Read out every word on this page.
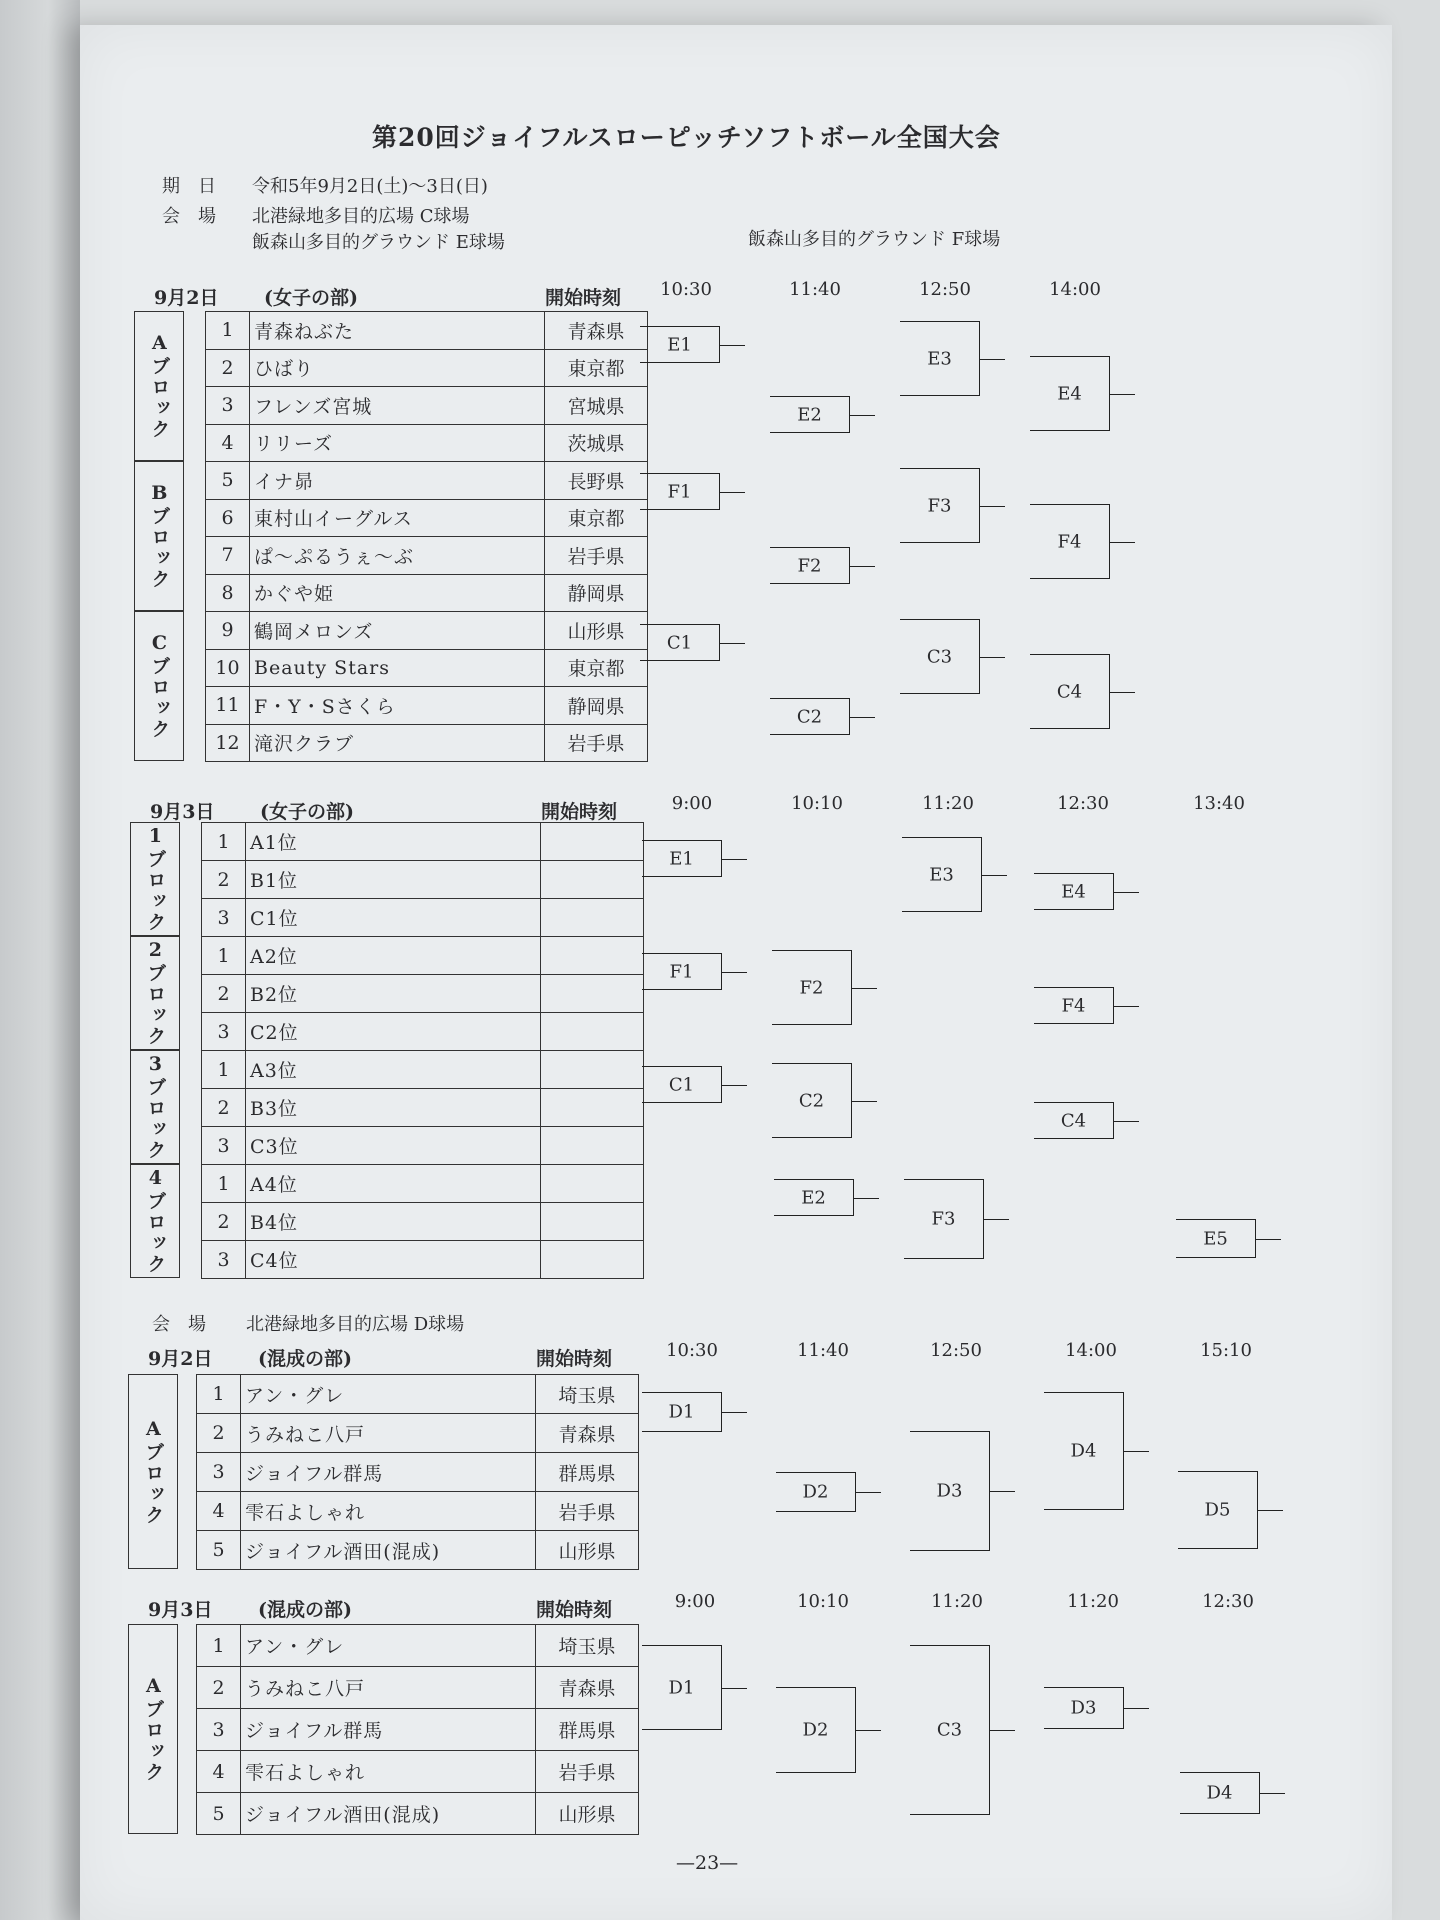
第20回ジョイフルスローピッチソフトボール全国大会
期　日 令和5年9月2日(土)～3日(日)
会　場 北港緑地多目的広場 C球場
飯森山多目的グラウンド E球場	飯森山多目的グラウンド F球場
会　場 北港緑地多目的広場 D球場
—23—
9月2日 (女子の部)	開始時刻	10:30	11:40	12:50	14:00
Aブロック
Bブロック
Cブロック
1	青森ねぶた	青森県
2	ひばり	東京都
3	フレンズ宮城	宮城県
4	リリーズ	茨城県
5	イナ昴	長野県
6	東村山イーグルス	東京都
7	ぱ～ぷるうぇ～ぶ	岩手県
8	かぐや姫	静岡県
9	鶴岡メロンズ	山形県
10	Beauty Stars	東京都
11	F・Y・Sさくら	静岡県
12	滝沢クラブ	岩手県
E1
E2
E3
E4
F1
F2
F3
F4
C1
C2
C3
C4
9月3日 (女子の部)	開始時刻	9:00	10:10	11:20	12:30	13:40
1ブロック
2ブロック
3ブロック
4ブロック
1	A1位	
2	B1位	
3	C1位	
1	A2位	
2	B2位	
3	C2位	
1	A3位	
2	B3位	
3	C3位	
1	A4位	
2	B4位	
3	C4位	
E1
E3
E4
F1
F2
F4
C1
C2
C4
E2
F3
E5
9月2日 (混成の部)	開始時刻	10:30	11:40	12:50	14:00	15:10
Aブロック
1	アン・グレ	埼玉県
2	うみねこ八戸	青森県
3	ジョイフル群馬	群馬県
4	雫石よしゃれ	岩手県
5	ジョイフル酒田(混成)	山形県
D1
D2	D3
D4
D5
9月3日 (混成の部)	開始時刻	9:00	10:10	11:20	11:20	12:30
Aブロック
1	アン・グレ	埼玉県
2	うみねこ八戸	青森県
3	ジョイフル群馬	群馬県
4	雫石よしゃれ	岩手県
5	ジョイフル酒田(混成)	山形県
D1
D2	C3
D3
D4
